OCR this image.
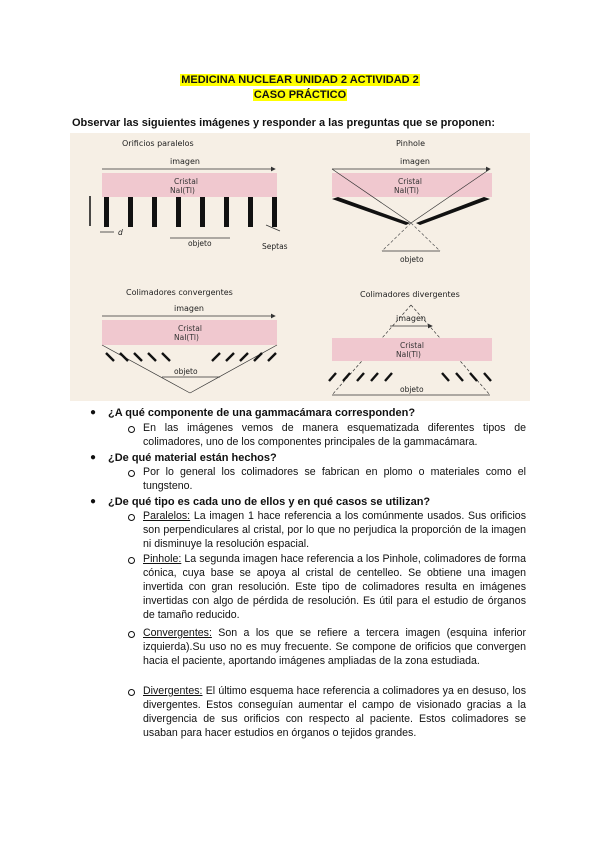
MEDICINA NUCLEAR UNIDAD 2 ACTIVIDAD 2
CASO PRÁCTICO
Observar las siguientes imágenes y responder a las preguntas que se proponen:
Orificios paralelos
imagen
Cristal
NaI(Tl)
d
objeto	Septas
Pinhole
imagen
Cristal
NaI(Tl)
objeto
Colimadores convergentes
imagen
Cristal
NaI(Tl)
objeto
Colimadores divergentes
imagen
Cristal
NaI(Tl)
objeto
● ¿A qué componente de una gammacámara corresponden?
En las imágenes vemos de manera esquematizada diferentes tipos de colimadores, uno de los componentes principales de la gammacámara.
● ¿De qué material están hechos?
Por lo general los colimadores se fabrican en plomo o materiales como el tungsteno.
● ¿De qué tipo es cada uno de ellos y en qué casos se utilizan?
Paralelos: La imagen 1 hace referencia a los comúnmente usados. Sus orificios son perpendiculares al cristal, por lo que no perjudica la proporción de la imagen ni disminuye la resolución espacial.
Pinhole: La segunda imagen hace referencia a los Pinhole, colimadores de forma cónica, cuya base se apoya al cristal de centelleo. Se obtiene una imagen invertida con gran resolución. Este tipo de colimadores resulta en imágenes invertidas con algo de pérdida de resolución. Es útil para el estudio de órganos de tamaño reducido.
Convergentes: Son a los que se refiere a tercera imagen (esquina inferior izquierda).Su uso no es muy frecuente. Se compone de orificios que convergen hacia el paciente, aportando imágenes ampliadas de la zona estudiada.
Divergentes: El último esquema hace referencia a colimadores ya en desuso, los divergentes. Estos conseguían aumentar el campo de visionado gracias a la divergencia de sus orificios con respecto al paciente. Estos colimadores se usaban para hacer estudios en órganos o tejidos grandes.
